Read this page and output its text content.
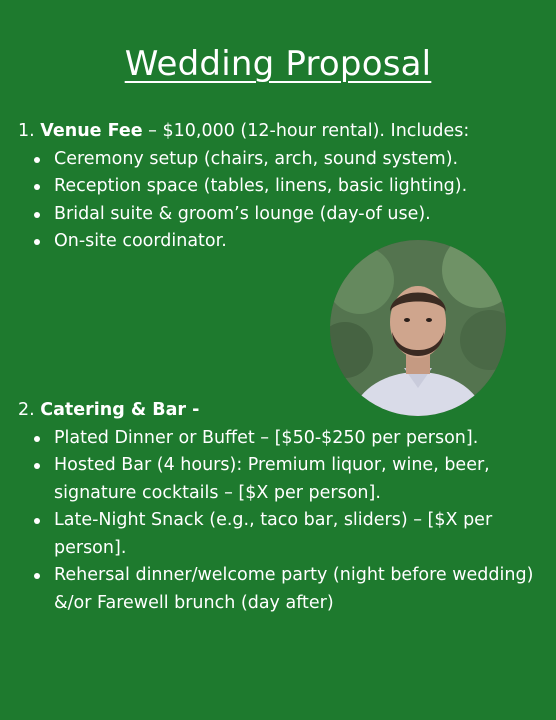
Wedding Proposal
1. Venue Fee – $10,000 (12-hour rental). Includes:
Ceremony setup (chairs, arch, sound system).
Reception space (tables, linens, basic lighting).
Bridal suite & groom’s lounge (day-of use).
On-site coordinator.
2. Catering & Bar -
Plated Dinner or Buffet – [$50-$250 per person].
Hosted Bar (4 hours): Premium liquor, wine, beer, signature cocktails – [$X per person].
Late-Night Snack (e.g., taco bar, sliders) – [$X per person].
Rehersal dinner/welcome party (night before wedding) &/or Farewell brunch (day after)
